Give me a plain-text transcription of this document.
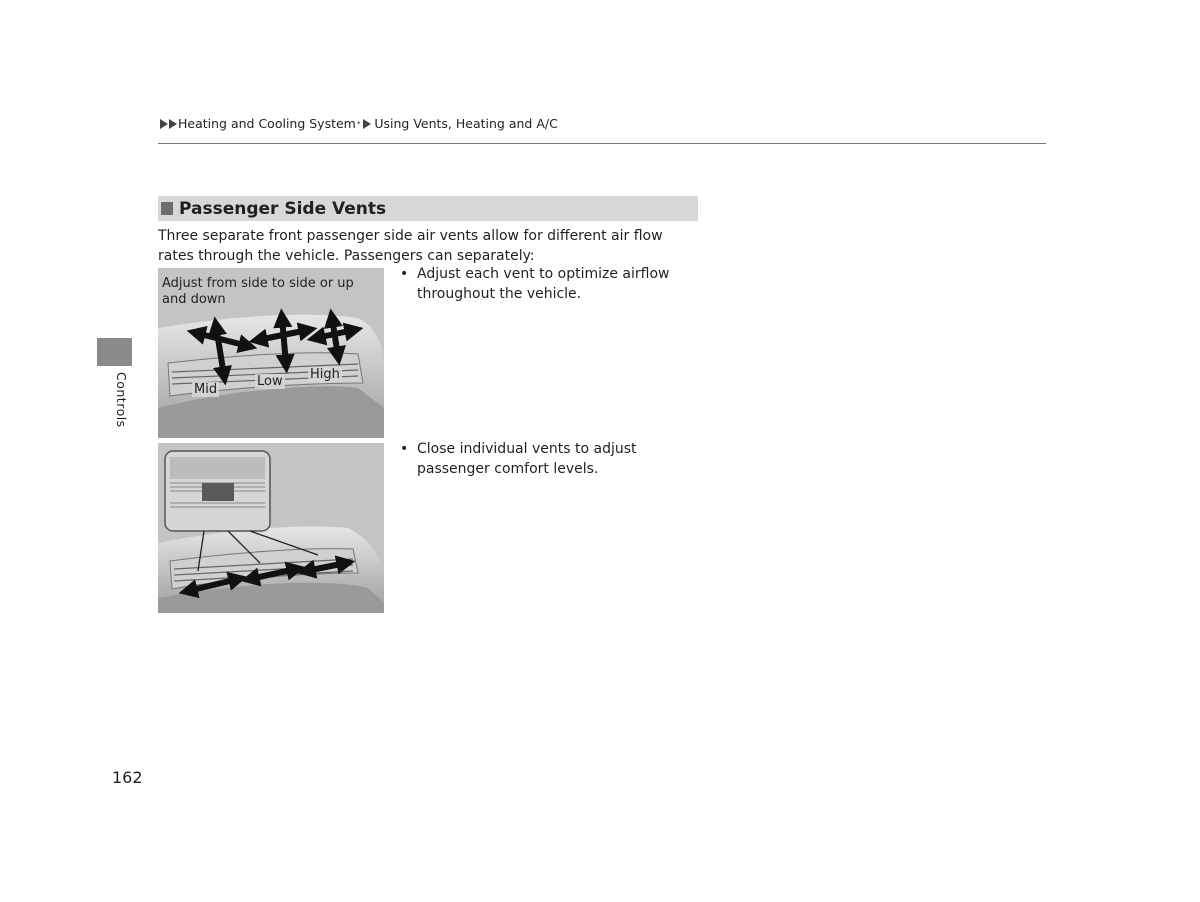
Heating and Cooling System * Using Vents, Heating and A/C
Controls
Passenger Side Vents
Three separate front passenger side air vents allow for different air flow rates through the vehicle. Passengers can separately:
Adjust from side to side or up and down
Mid
Low High
• Adjust each vent to optimize airflow throughout the vehicle.
• Close individual vents to adjust passenger comfort levels.
162
